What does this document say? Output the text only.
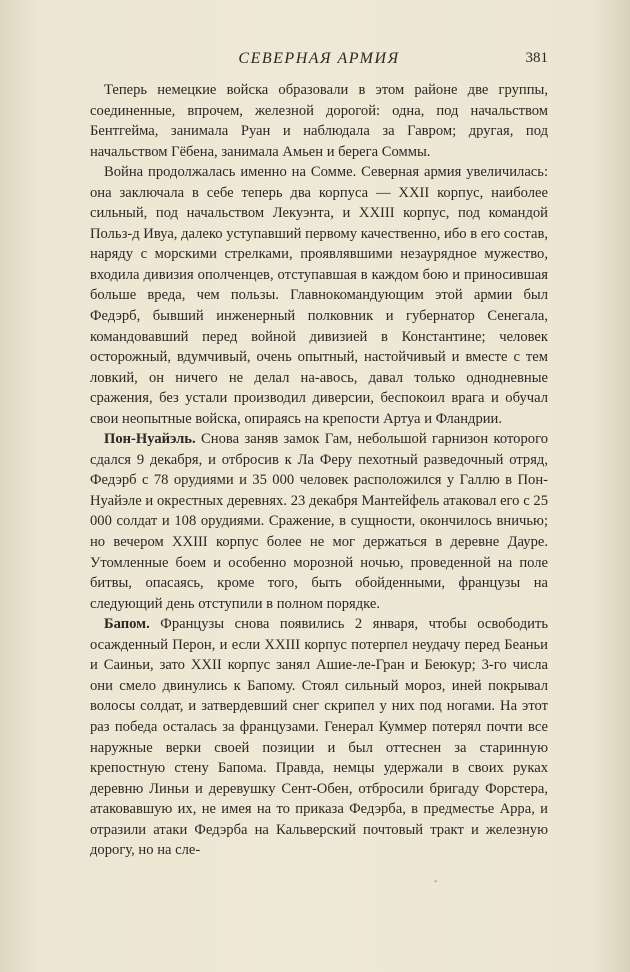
СЕВЕРНАЯ АРМИЯ	381

Теперь немецкие войска образовали в этом районе две группы, соединенные, впрочем, железной дорогой: одна, под начальством Бентгейма, занимала Руан и наблюдала за Гавром; другая, под начальством Гёбена, занимала Амьен и берега Соммы.

Война продолжалась именно на Сомме. Северная армия увеличилась: она заключала в себе теперь два корпуса — XXII корпус, наиболее сильный, под начальством Лекуэнта, и XXIII корпус, под командой Польз-д Ивуа, далеко уступавший первому качественно, ибо в его состав, наряду с морскими стрелками, проявлявшими незаурядное мужество, входила дивизия ополченцев, отступавшая в каждом бою и приносившая больше вреда, чем пользы. Главнокомандующим этой армии был Федэрб, бывший инженерный полковник и губернатор Сенегала, командовавший перед войной дивизией в Константине; человек осторожный, вдумчивый, очень опытный, настойчивый и вместе с тем ловкий, он ничего не делал на-авось, давал только однодневные сражения, без устали производил диверсии, беспокоил врага и обучал свои неопытные войска, опираясь на крепости Артуа и Фландрии.

Пон-Нуайэль. Снова заняв замок Гам, небольшой гарнизон которого сдался 9 декабря, и отбросив к Ла Феру пехотный разведочный отряд, Федэрб с 78 орудиями и 35 000 человек расположился у Галлю в Пон-Нуайэле и окрестных деревнях. 23 декабря Мантейфель атаковал его с 25 000 солдат и 108 орудиями. Сражение, в сущности, окончилось вничью; но вечером XXIII корпус более не мог держаться в деревне Дауре. Утомленные боем и особенно морозной ночью, проведенной на поле битвы, опасаясь, кроме того, быть обойденными, французы на следующий день отступили в полном порядке.

Бапом. Французы снова появились 2 января, чтобы освободить осажденный Перон, и если XXIII корпус потерпел неудачу перед Беаньи и Саиньи, зато XXII корпус занял Ашие-ле-Гран и Беюкур; 3-го числа они смело двинулись к Бапому. Стоял сильный мороз, иней покрывал волосы солдат, и затвердевший снег скрипел у них под ногами. На этот раз победа осталась за французами. Генерал Куммер потерял почти все наружные верки своей позиции и был оттеснен за старинную крепостную стену Бапома. Правда, немцы удержали в своих руках деревню Линьи и деревушку Сент-Обен, отбросили бригаду Форстера, атаковавшую их, не имея на то приказа Федэрба, в предместье Арра, и отразили атаки Федэрба на Кальверский почтовый тракт и железную дорогу, но на сле-

-
